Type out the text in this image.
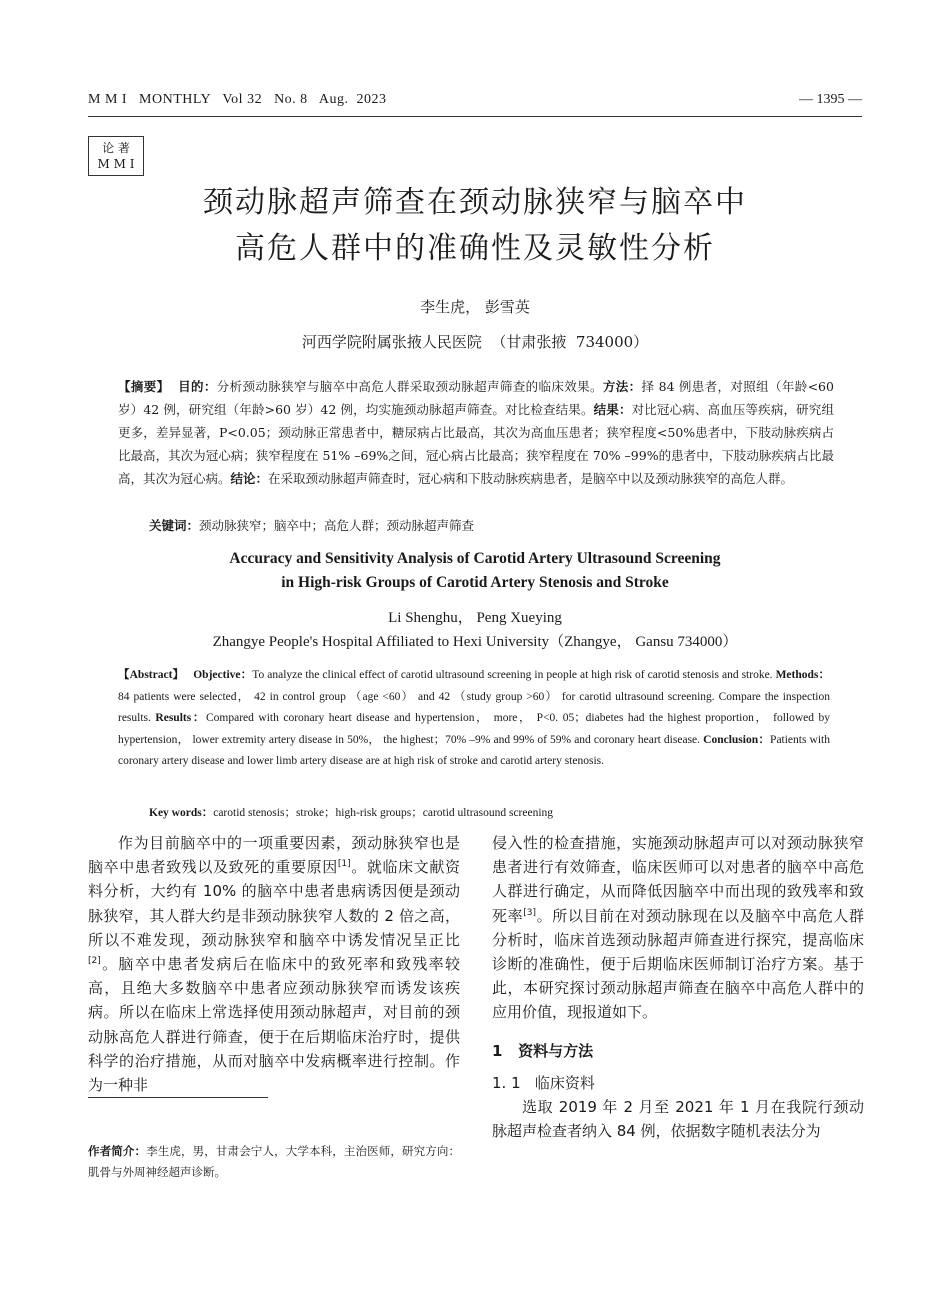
M M I   MONTHLY   Vol 32   No. 8   Aug.  2023	— 1395 —
论 著
M M I
颈动脉超声筛查在颈动脉狭窄与脑卒中
高危人群中的准确性及灵敏性分析
李生虎， 彭雪英
河西学院附属张掖人民医院  （甘肃张掖  734000）
【摘要】 目的：分析颈动脉狭窄与脑卒中高危人群采取颈动脉超声筛查的临床效果。方法：择 84 例患者，对照组（年龄<60 岁）42 例，研究组（年龄>60 岁）42 例，均实施颈动脉超声筛查。对比检查结果。结果：对比冠心病、高血压等疾病，研究组更多，差异显著，P<0.05；颈动脉正常患者中，糖尿病占比最高，其次为高血压患者；狭窄程度<50%患者中，下肢动脉疾病占比最高，其次为冠心病；狭窄程度在 51% –69%之间，冠心病占比最高；狭窄程度在 70% –99%的患者中，下肢动脉疾病占比最高，其次为冠心病。结论：在采取颈动脉超声筛查时，冠心病和下肢动脉疾病患者，是脑卒中以及颈动脉狭窄的高危人群。
关键词：颈动脉狭窄；脑卒中；高危人群；颈动脉超声筛查
Accuracy and Sensitivity Analysis of Carotid Artery Ultrasound Screening
in High-risk Groups of Carotid Artery Stenosis and Stroke
Li Shenghu， Peng Xueying
Zhangye People's Hospital Affiliated to Hexi University（Zhangye， Gansu 734000）
【Abstract】 Objective：To analyze the clinical effect of carotid ultrasound screening in people at high risk of carotid stenosis and stroke. Methods：84 patients were selected， 42 in control group （age <60） and 42 （study group >60） for carotid ultrasound screening. Compare the inspection results. Results：Compared with coronary heart disease and hypertension， more， P<0. 05；diabetes had the highest proportion， followed by hypertension， lower extremity artery disease in 50%， the highest；70% –9% and 99% of 59% and coronary heart disease. Conclusion：Patients with coronary artery disease and lower limb artery disease are at high risk of stroke and carotid artery stenosis.
Key words：carotid stenosis；stroke；high-risk groups；carotid ultrasound screening

作为目前脑卒中的一项重要因素，颈动脉狭窄也是脑卒中患者致残以及致死的重要原因[1]。就临床文献资料分析，大约有 10% 的脑卒中患者患病诱因便是颈动脉狭窄，其人群大约是非颈动脉狭窄人数的 2 倍之高，所以不难发现，颈动脉狭窄和脑卒中诱发情况呈正比[2]。脑卒中患者发病后在临床中的致死率和致残率较高，且绝大多数脑卒中患者应颈动脉狭窄而诱发该疾病。所以在临床上常选择使用颈动脉超声，对目前的颈动脉高危人群进行筛查，便于在后期临床治疗时，提供科学的治疗措施，从而对脑卒中发病概率进行控制。作为一种非

侵入性的检查措施，实施颈动脉超声可以对颈动脉狭窄患者进行有效筛查，临床医师可以对患者的脑卒中高危人群进行确定，从而降低因脑卒中而出现的致残率和致死率[3]。所以目前在对颈动脉现在以及脑卒中高危人群分析时，临床首选颈动脉超声筛查进行探究，提高临床诊断的准确性，便于后期临床医师制订治疗方案。基于此，本研究探讨颈动脉超声筛查在脑卒中高危人群中的应用价值，现报道如下。

1   资料与方法
1. 1   临床资料

选取 2019 年 2 月至 2021 年 1 月在我院行颈动脉超声检查者纳入 84 例，依据数字随机表法分为

作者简介：李生虎，男，甘肃会宁人，大学本科，主治医师，研究方向：肌骨与外周神经超声诊断。
